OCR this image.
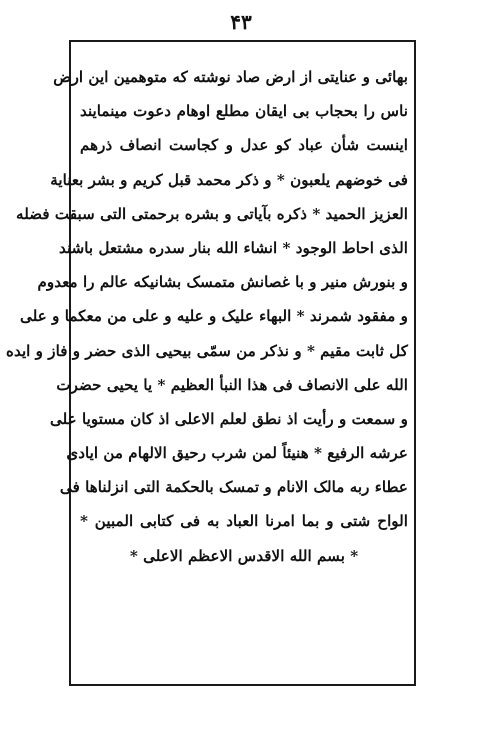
۴۳
بهائی و عنایتی از ارض صاد نوشته که متوهمین این ارض
ناس را بحجاب بی ایقان مطلع اوهام دعوت مینمایند
اینست شأن عباد کو عدل و کجاست انصاف ذرهم
فی خوضهم یلعبون * و ذکر محمد قبل کریم و بشر بعنایة
العزیز الحمید * ذکره بآیاتی و بشره برحمتی التی سبقت فضله
الذی احاط الوجود * انشاء الله بنار سدره مشتعل باشند
و بنورش منیر و با غصانش متمسک بشانیکه عالم را معدوم
و مفقود شمرند * البهاء علیک و علیه و علی من معکما و علی
کل ثابت مقیم * و نذکر من سمّی بیحیی الذی حضر و فاز و ایده
الله علی الانصاف فی هذا النبأ العظیم * یا یحیی حضرت
و سمعت و رأیت اذ نطق لعلم الاعلی اذ کان مستویا علی
عرشه الرفیع * هنیئاً لمن شرب رحیق الالهام من ایادی
عطاء ربه مالک الانام و تمسک بالحکمة التی انزلناها فی
الواح شتی و بما امرنا العباد به فی کتابی المبین *
* بسم الله الاقدس الاعظم الاعلی *
